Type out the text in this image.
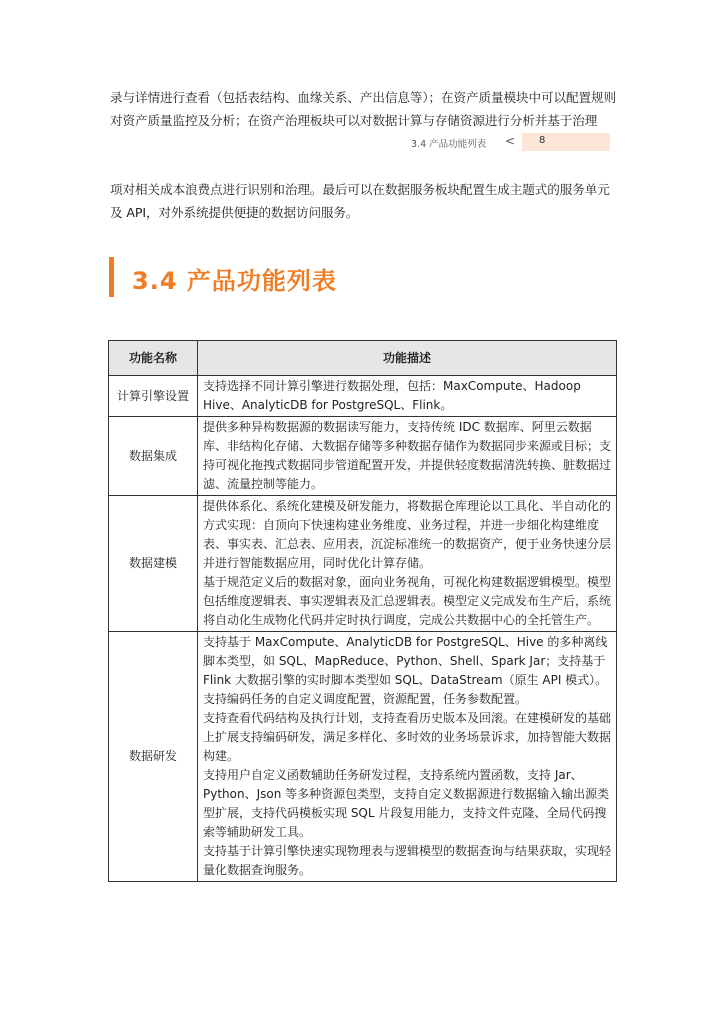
录与详情进行查看（包括表结构、血缘关系、产出信息等）；在资产质量模块中可以配置规则对资产质量监控及分析；在资产治理板块可以对数据计算与存储资源进行分析并基于治理

3.4 产品功能列表 < 8

项对相关成本浪费点进行识别和治理。最后可以在数据服务板块配置生成主题式的服务单元及 API，对外系统提供便捷的数据访问服务。

3.4 产品功能列表
功能名称	功能描述
计算引擎设置	支持选择不同计算引擎进行数据处理，包括：MaxCompute、Hadoop Hive、AnalyticDB for PostgreSQL、Flink。

数据集成	提供多种异构数据源的数据读写能力，支持传统 IDC 数据库、阿里云数据库、非结构化存储、大数据存储等多种数据存储作为数据同步来源或目标；支持可视化拖拽式数据同步管道配置开发，并提供轻度数据清洗转换、脏数据过滤、流量控制等能力。

数据建模	提供体系化、系统化建模及研发能力，将数据仓库理论以工具化、半自动化的方式实现：自顶向下快速构建业务维度、业务过程，并进一步细化构建维度表、事实表、汇总表、应用表，沉淀标准统一的数据资产，便于业务快速分层并进行智能数据应用，同时优化计算存储。

基于规范定义后的数据对象，面向业务视角，可视化构建数据逻辑模型。模型包括维度逻辑表、事实逻辑表及汇总逻辑表。模型定义完成发布生产后，系统将自动化生成物化代码并定时执行调度，完成公共数据中心的全托管生产。

数据研发	支持基于 MaxCompute、AnalyticDB for PostgreSQL、Hive 的多种离线脚本类型，如 SQL、MapReduce、Python、Shell、Spark Jar；支持基于 Flink 大数据引擎的实时脚本类型如 SQL、DataStream（原生 API 模式）。支持编码任务的自定义调度配置，资源配置，任务参数配置。

支持查看代码结构及执行计划，支持查看历史版本及回滚。在建模研发的基础上扩展支持编码研发，满足多样化、多时效的业务场景诉求，加持智能大数据构建。

支持用户自定义函数辅助任务研发过程，支持系统内置函数，支持 Jar、Python、Json 等多种资源包类型，支持自定义数据源进行数据输入输出源类型扩展，支持代码模板实现 SQL 片段复用能力，支持文件克隆、全局代码搜索等辅助研发工具。

支持基于计算引擎快速实现物理表与逻辑模型的数据查询与结果获取，实现轻量化数据查询服务。
